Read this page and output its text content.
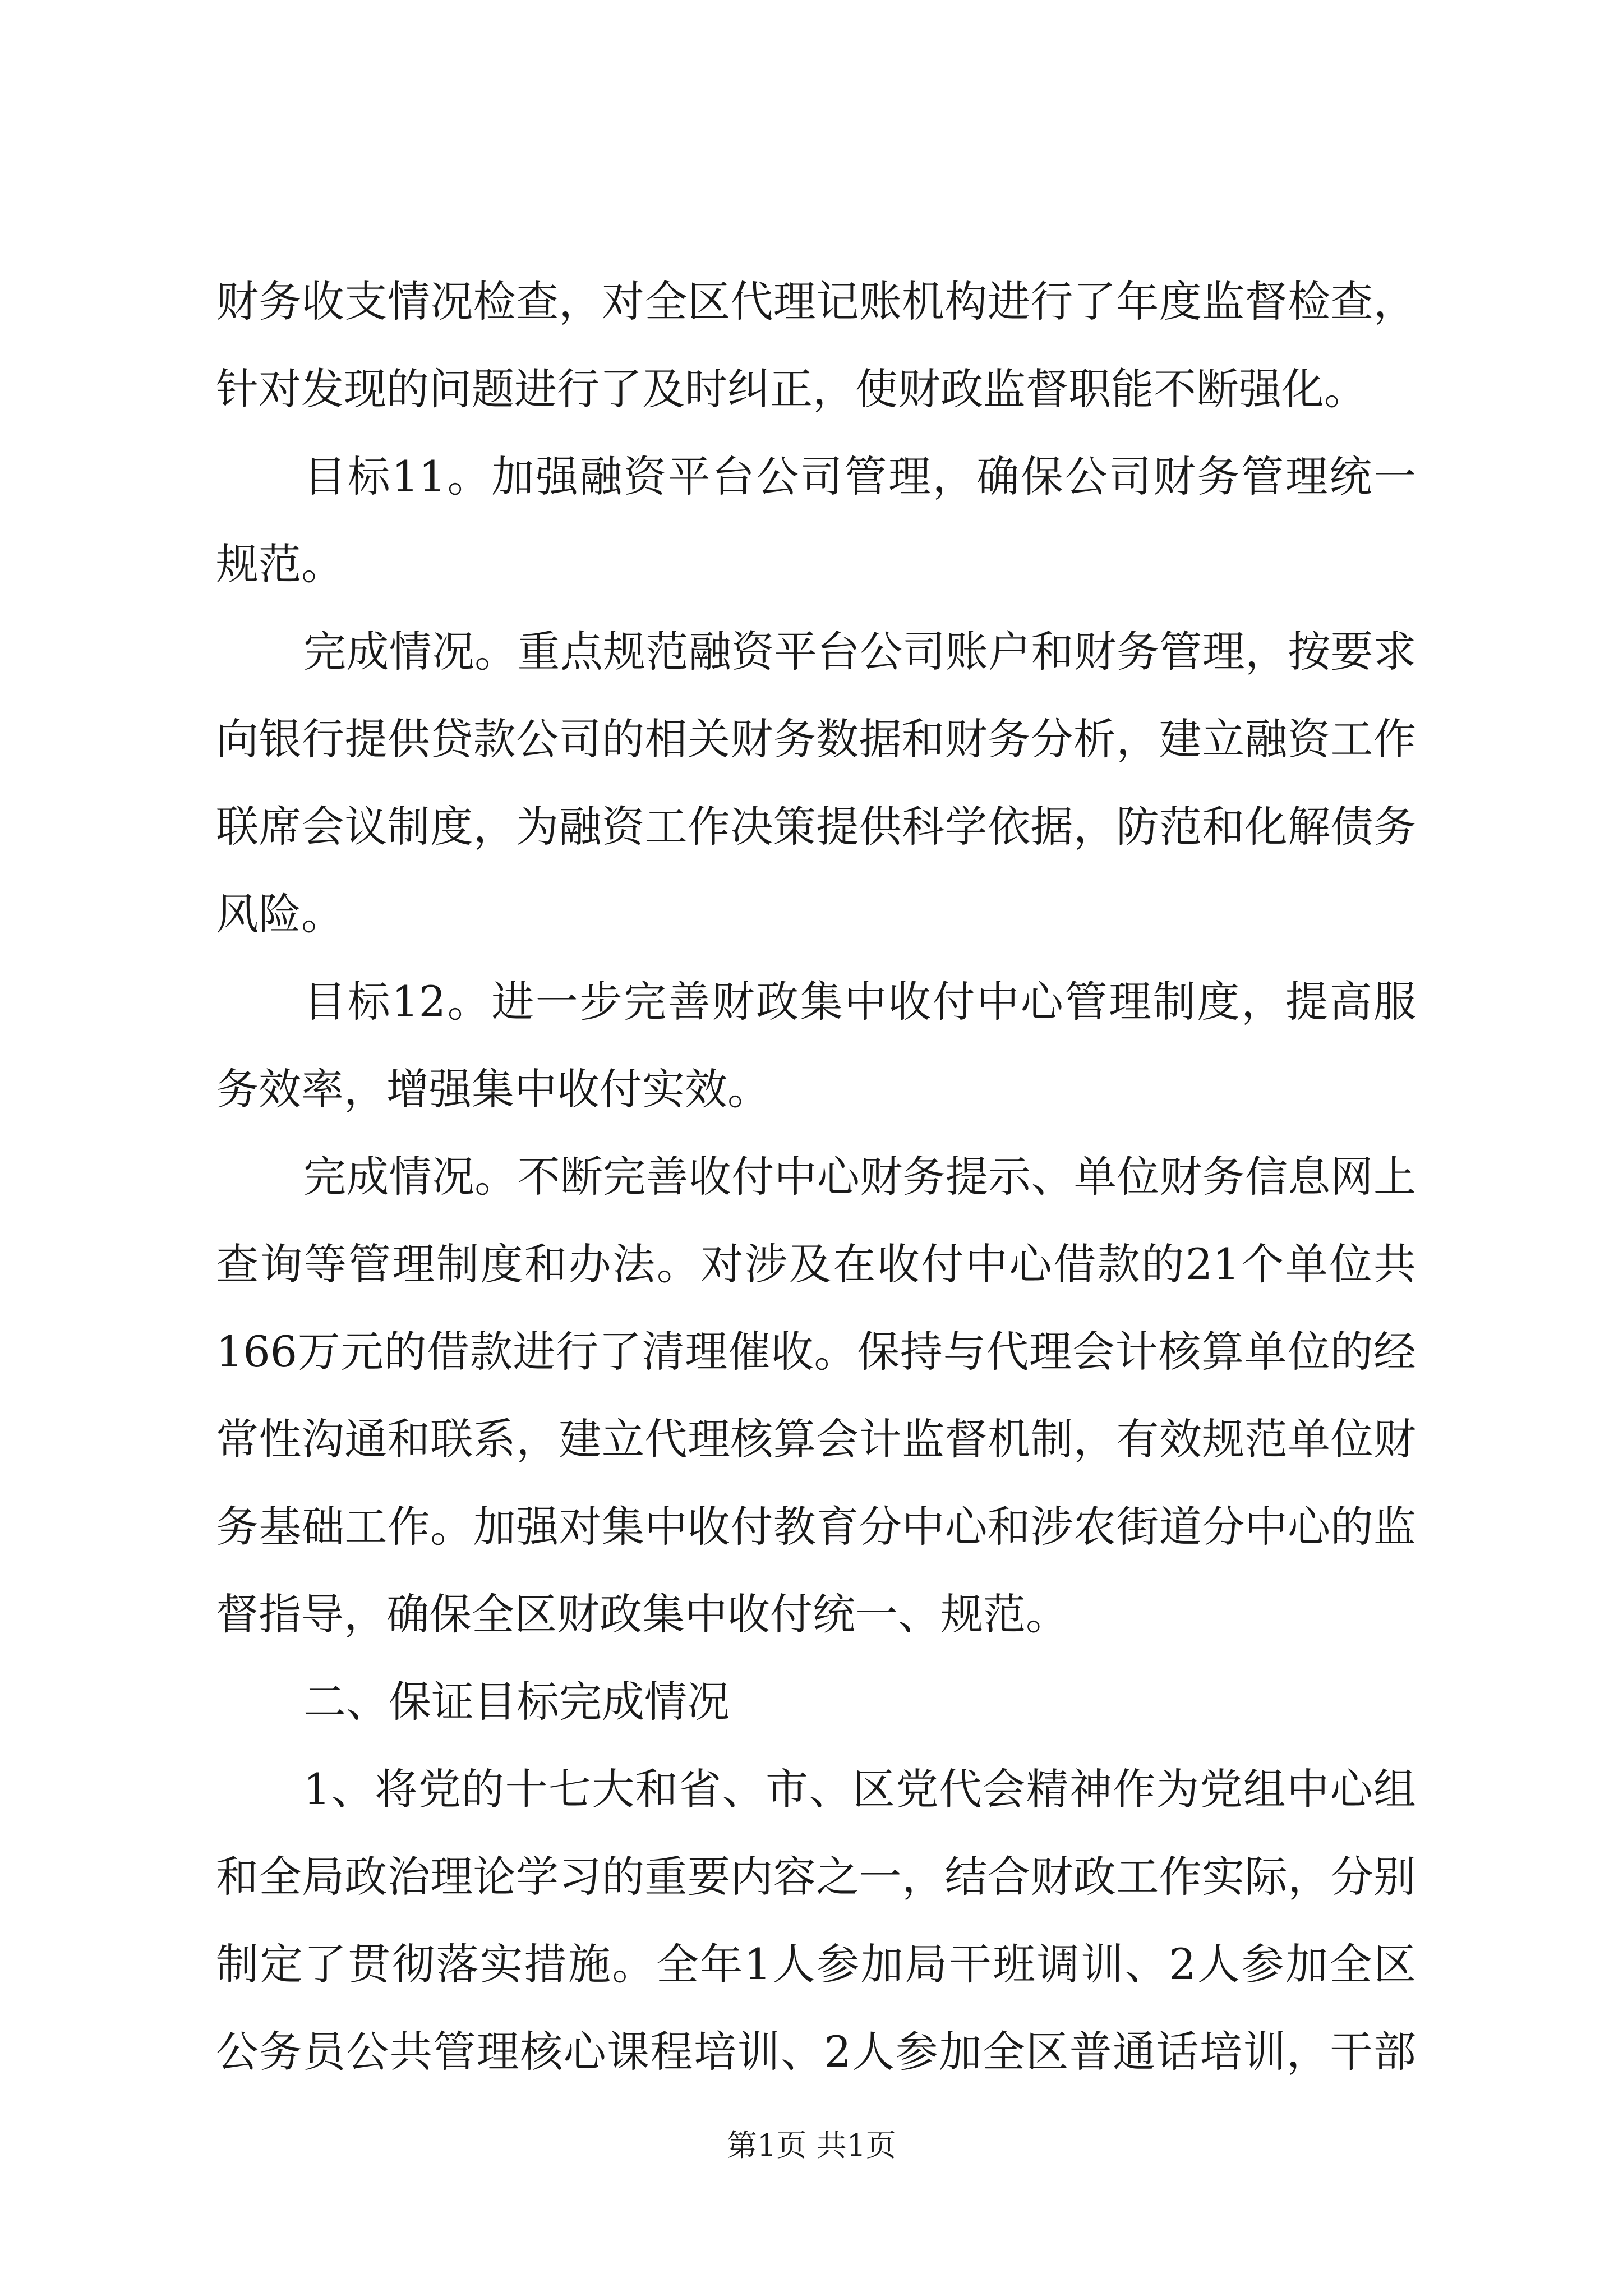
财务收支情况检查，对全区代理记账机构进行了年度监督检查，
针对发现的问题进行了及时纠正，使财政监督职能不断强化。
目标11。加强融资平台公司管理，确保公司财务管理统一
规范。
完成情况。重点规范融资平台公司账户和财务管理，按要求
向银行提供贷款公司的相关财务数据和财务分析，建立融资工作
联席会议制度，为融资工作决策提供科学依据，防范和化解债务
风险。
目标12。进一步完善财政集中收付中心管理制度，提高服
务效率，增强集中收付实效。
完成情况。不断完善收付中心财务提示、单位财务信息网上
查询等管理制度和办法。对涉及在收付中心借款的21个单位共
166万元的借款进行了清理催收。保持与代理会计核算单位的经
常性沟通和联系，建立代理核算会计监督机制，有效规范单位财
务基础工作。加强对集中收付教育分中心和涉农街道分中心的监
督指导，确保全区财政集中收付统一、规范。
二、保证目标完成情况
1、将党的十七大和省、市、区党代会精神作为党组中心组
和全局政治理论学习的重要内容之一，结合财政工作实际，分别
制定了贯彻落实措施。全年1人参加局干班调训、2人参加全区
公务员公共管理核心课程培训、2人参加全区普通话培训，干部
第1页 共1页
